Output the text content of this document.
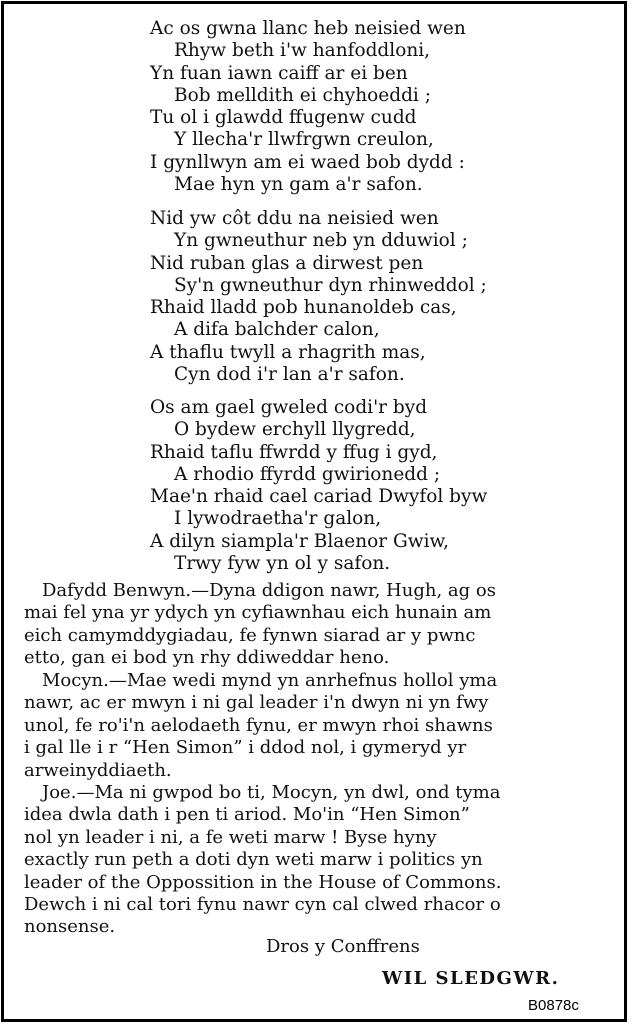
Ac os gwna llanc heb neisied wen
Rhyw beth i'w hanfoddloni,
Yn fuan iawn caiff ar ei ben
Bob melldith ei chyhoeddi ;
Tu ol i glawdd ffugenw cudd
Y llecha'r llwfrgwn creulon,
I gynllwyn am ei waed bob dydd :
Mae hyn yn gam a'r safon.
Nid yw côt ddu na neisied wen
Yn gwneuthur neb yn dduwiol ;
Nid ruban glas a dirwest pen
Sy'n gwneuthur dyn rhinweddol ;
Rhaid lladd pob hunanoldeb cas,
A difa balchder calon,
A thaflu twyll a rhagrith mas,
Cyn dod i'r lan a'r safon.
Os am gael gweled codi'r byd
O bydew erchyll llygredd,
Rhaid taflu ffwrdd y ffug i gyd,
A rhodio ffyrdd gwirionedd ;
Mae'n rhaid cael cariad Dwyfol byw
I lywodraetha'r galon,
A dilyn siampla'r Blaenor Gwiw,
Trwy fyw yn ol y safon.
Dafydd Benwyn.—Dyna ddigon nawr, Hugh, ag os
mai fel yna yr ydych yn cyfiawnhau eich hunain am
eich camymddygiadau, fe fynwn siarad ar y pwnc
etto, gan ei bod yn rhy ddiweddar heno.
Mocyn.—Mae wedi mynd yn anrhefnus hollol yma
nawr, ac er mwyn i ni gal leader i'n dwyn ni yn fwy
unol, fe ro'i'n aelodaeth fynu, er mwyn rhoi shawns
i gal lle i r “Hen Simon” i ddod nol, i gymeryd yr
arweinyddiaeth.
Joe.—Ma ni gwpod bo ti, Mocyn, yn dwl, ond tyma
idea dwla dath i pen ti ariod. Mo'in “Hen Simon”
nol yn leader i ni, a fe weti marw ! Byse hyny
exactly run peth a doti dyn weti marw i politics yn
leader of the Oppossition in the House of Commons.
Dewch i ni cal tori fynu nawr cyn cal clwed rhacor o
nonsense.
Dros y Conffrens
WIL SLEDGWR.
B0878c
